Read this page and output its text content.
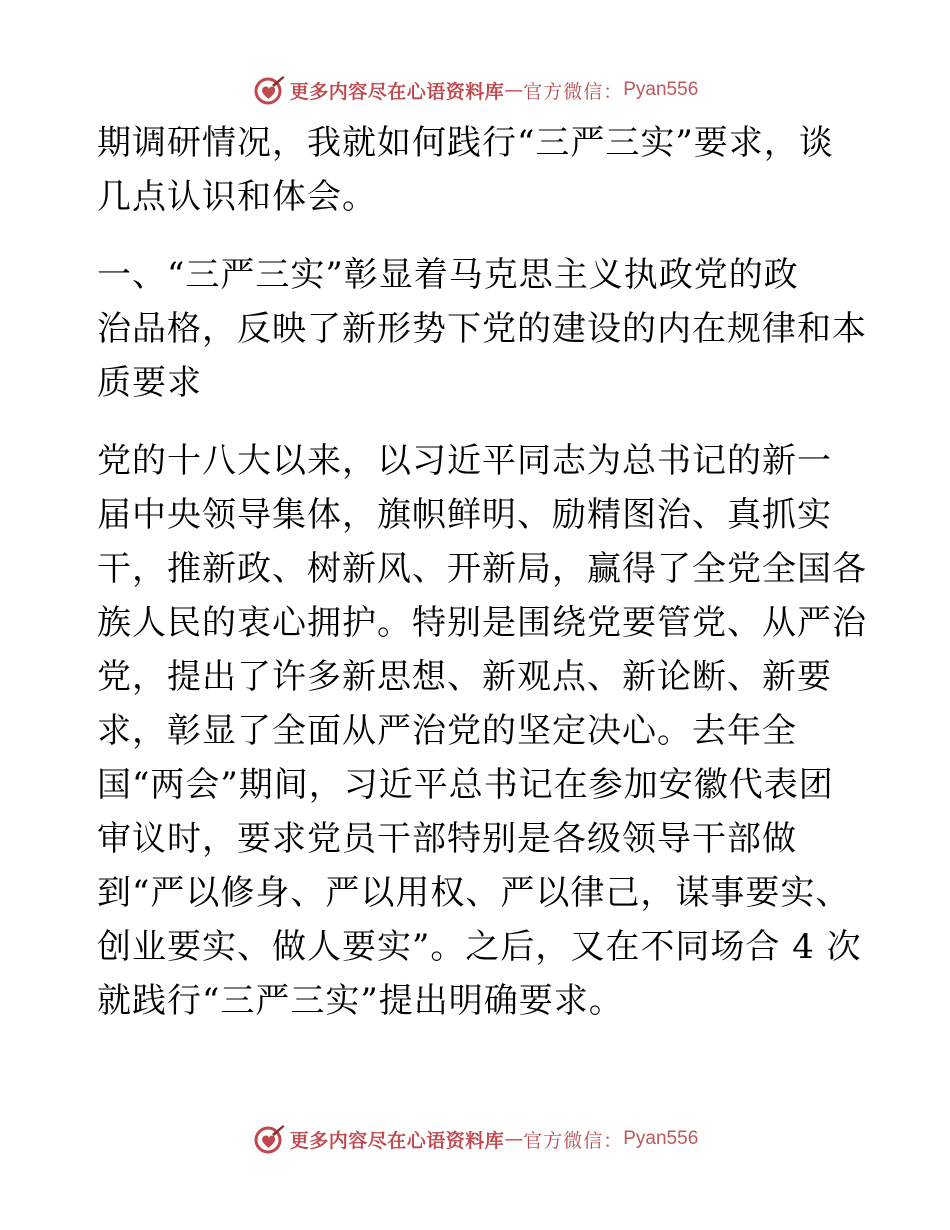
更多内容尽在心语资料库 — 官方微信： Pyan556
期调研情况，我就如何践行“三严三实”要求，谈
几点认识和体会。
一、“三严三实”彰显着马克思主义执政党的政
治品格，反映了新形势下党的建设的内在规律和本
质要求
党的十八大以来，以习近平同志为总书记的新一
届中央领导集体，旗帜鲜明、励精图治、真抓实
干，推新政、树新风、开新局，赢得了全党全国各
族人民的衷心拥护。特别是围绕党要管党、从严治
党，提出了许多新思想、新观点、新论断、新要
求，彰显了全面从严治党的坚定决心。去年全
国“两会”期间，习近平总书记在参加安徽代表团
审议时，要求党员干部特别是各级领导干部做
到“严以修身、严以用权、严以律己，谋事要实、
创业要实、做人要实”。之后，又在不同场合 4 次
就践行“三严三实”提出明确要求。
更多内容尽在心语资料库 — 官方微信： Pyan556
